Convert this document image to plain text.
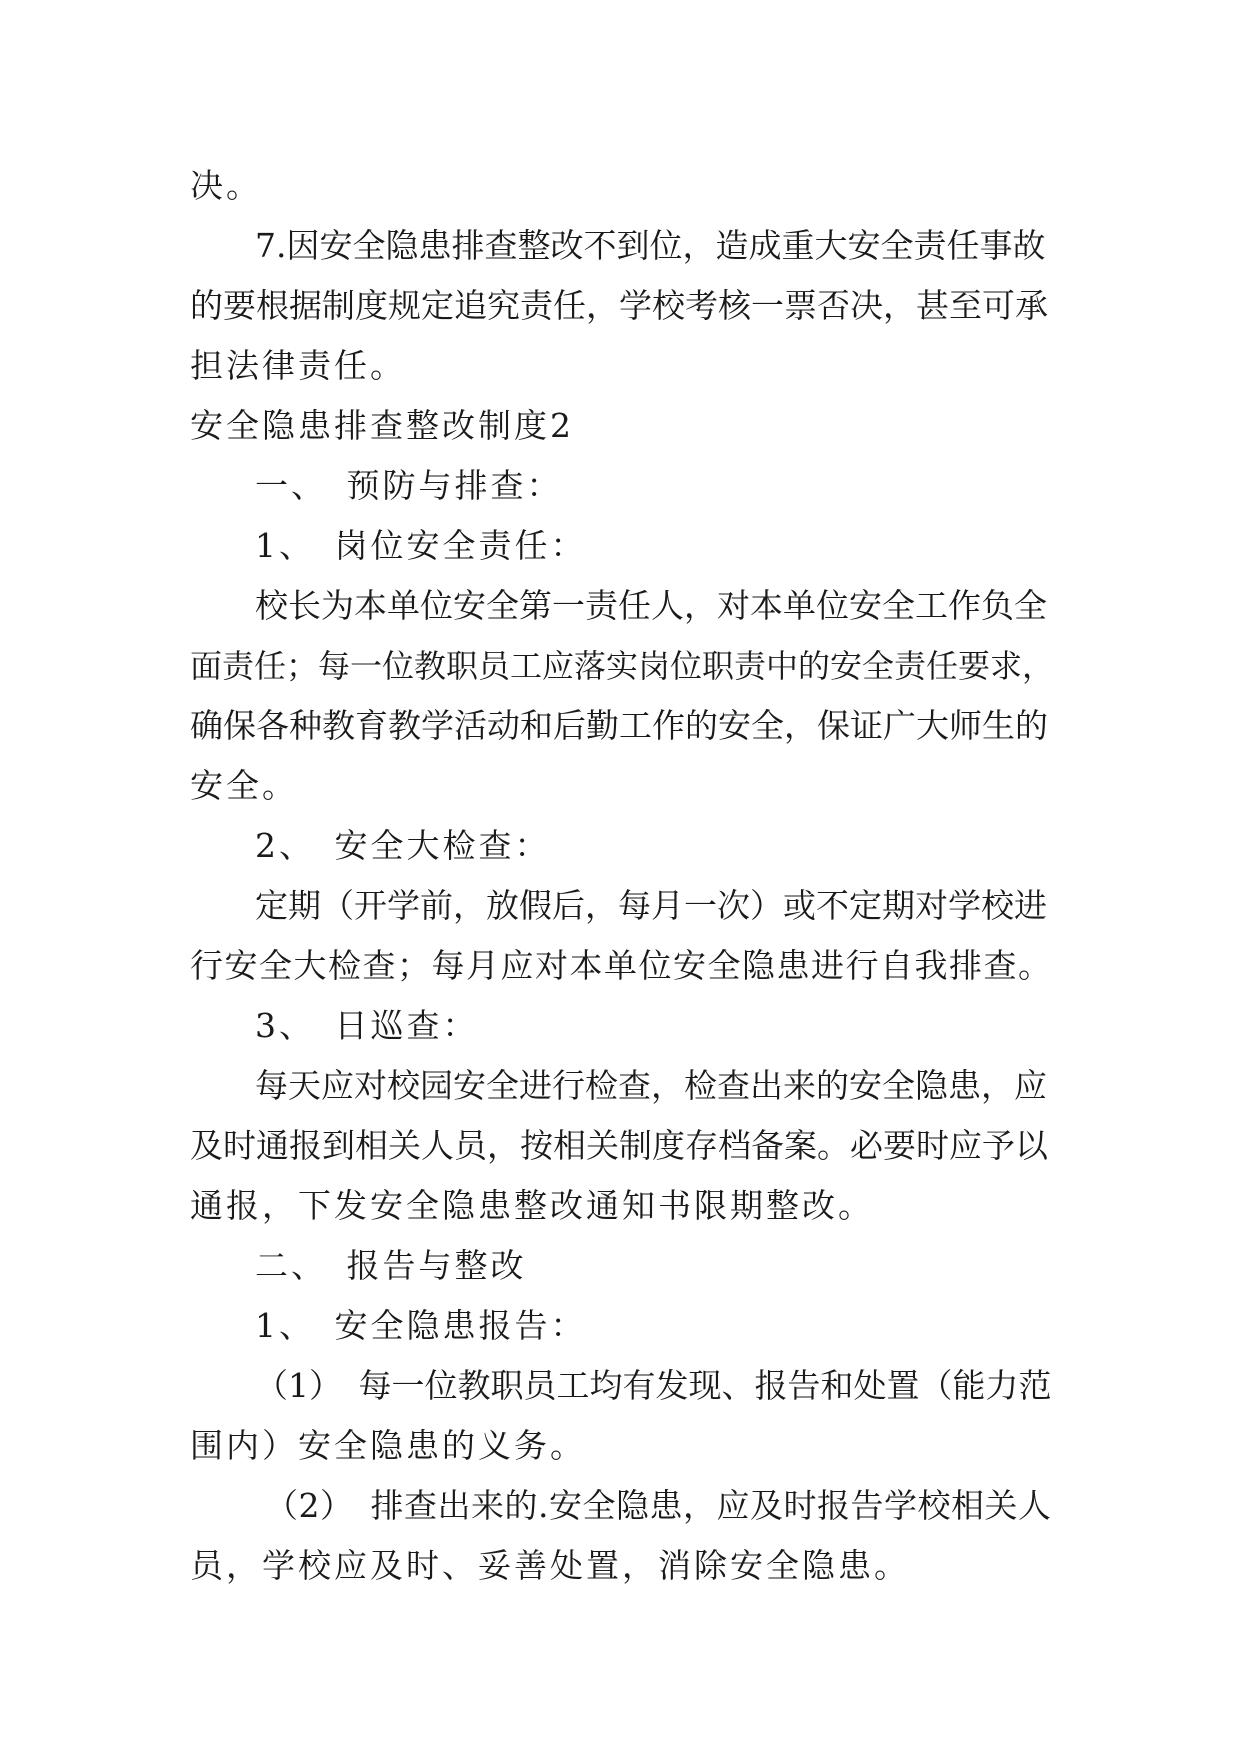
决。
7.因安全隐患排查整改不到位，造成重大安全责任事故
的要根据制度规定追究责任，学校考核一票否决，甚至可承
担法律责任。
安全隐患排查整改制度2
一、　预防与排查：
1、　岗位安全责任：
校长为本单位安全第一责任人，对本单位安全工作负全
面责任；每一位教职员工应落实岗位职责中的安全责任要求，
确保各种教育教学活动和后勤工作的安全，保证广大师生的
安全。
2、　安全大检查：
定期（开学前，放假后，每月一次）或不定期对学校进
行安全大检查；每月应对本单位安全隐患进行自我排查。
3、　日巡查：
每天应对校园安全进行检查，检查出来的安全隐患，应
及时通报到相关人员，按相关制度存档备案。必要时应予以
通报，下发安全隐患整改通知书限期整改。
二、　报告与整改
1、　安全隐患报告：
（1）　每一位教职员工均有发现、报告和处置（能力范
围内）安全隐患的义务。
（2）　排查出来的.安全隐患，应及时报告学校相关人
员，学校应及时、妥善处置，消除安全隐患。
